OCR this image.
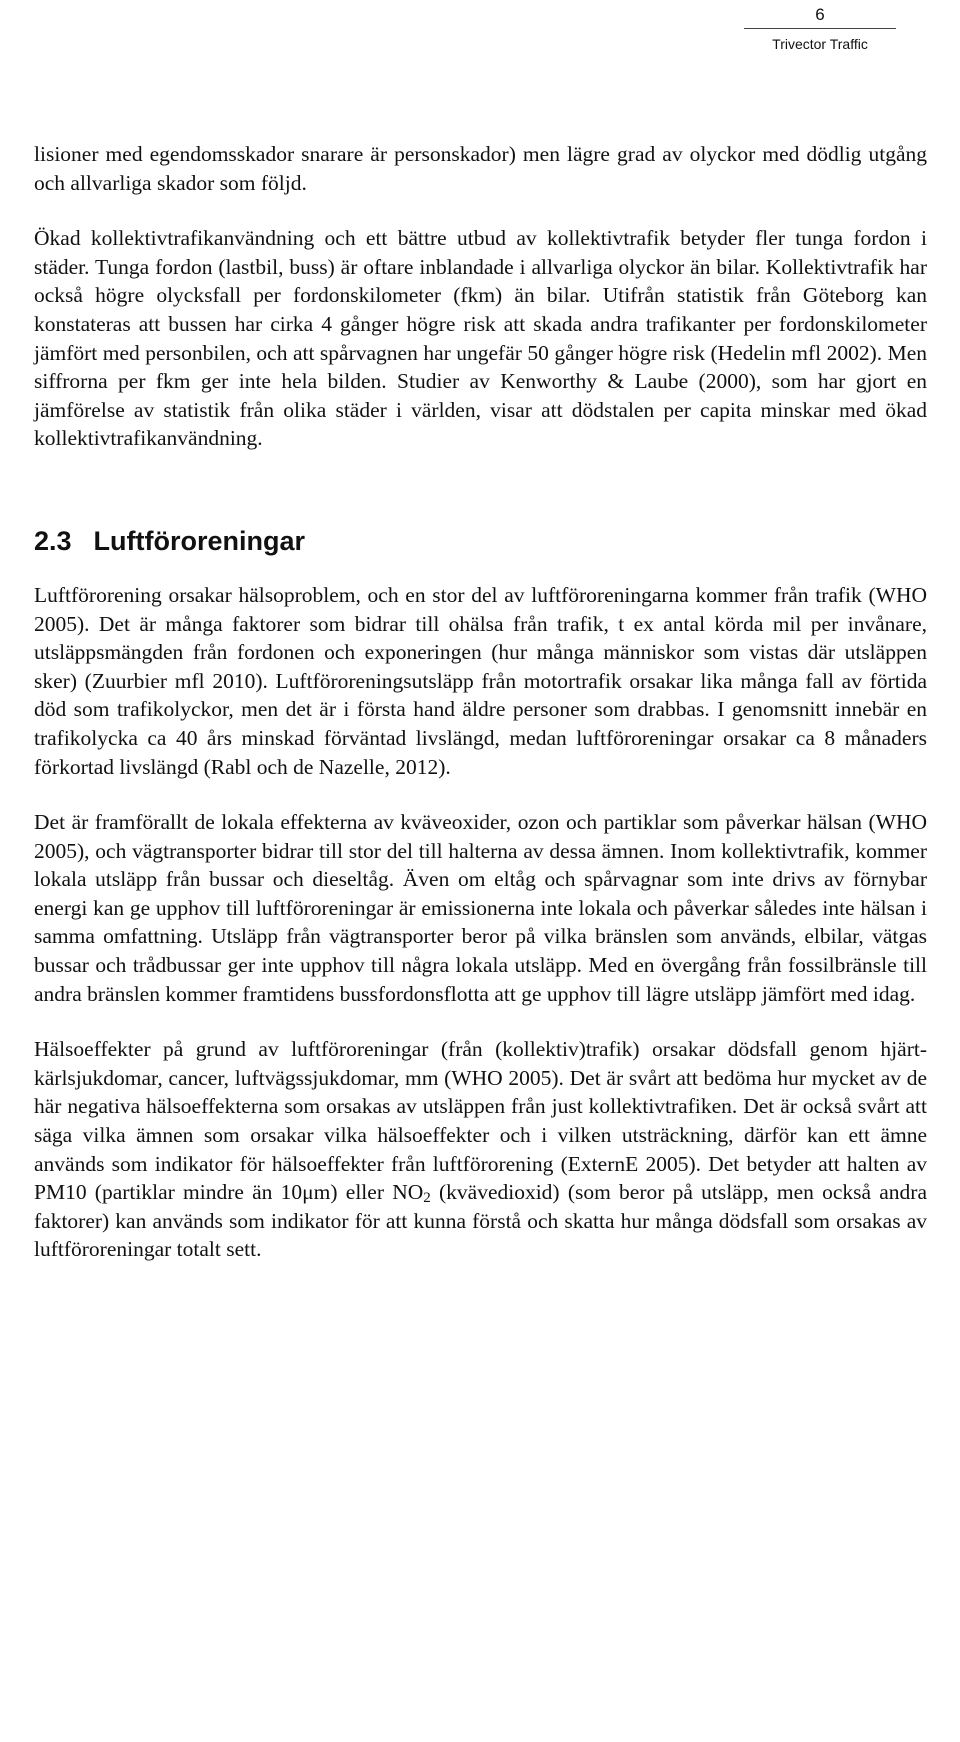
6
Trivector Traffic

lisioner med egendomsskador snarare är personskador) men lägre grad av olyckor med dödlig utgång och allvarliga skador som följd.

Ökad kollektivtrafikanvändning och ett bättre utbud av kollektivtrafik betyder fler tunga fordon i städer. Tunga fordon (lastbil, buss) är oftare inblandade i allvarliga olyckor än bilar. Kollektivtrafik har också högre olycksfall per fordonskilometer (fkm) än bilar. Utifrån statistik från Göteborg kan konstateras att bussen har cirka 4 gånger högre risk att skada andra trafikanter per fordonskilometer jämfört med personbilen, och att spårvagnen har ungefär 50 gånger högre risk (Hedelin mfl 2002). Men siffrorna per fkm ger inte hela bilden. Studier av Kenworthy & Laube (2000), som har gjort en jämförelse av statistik från olika städer i världen, visar att dödstalen per capita minskar med ökad kollektivtrafikanvändning.

2.3 Luftföroreningar

Luftförorening orsakar hälsoproblem, och en stor del av luftföroreningarna kommer från trafik (WHO 2005). Det är många faktorer som bidrar till ohälsa från trafik, t ex antal körda mil per invånare, utsläppsmängden från fordonen och exponeringen (hur många människor som vistas där utsläppen sker) (Zuurbier mfl 2010). Luftföroreningsutsläpp från motortrafik orsakar lika många fall av förtida död som trafikolyckor, men det är i första hand äldre personer som drabbas. I genomsnitt innebär en trafikolycka ca 40 års minskad förväntad livslängd, medan luftföroreningar orsakar ca 8 månaders förkortad livslängd (Rabl och de Nazelle, 2012).

Det är framförallt de lokala effekterna av kväveoxider, ozon och partiklar som påverkar hälsan (WHO 2005), och vägtransporter bidrar till stor del till halterna av dessa ämnen. Inom kollektivtrafik, kommer lokala utsläpp från bussar och dieseltåg. Även om eltåg och spårvagnar som inte drivs av förnybar energi kan ge upphov till luftföroreningar är emissionerna inte lokala och påverkar således inte hälsan i samma omfattning. Utsläpp från vägtransporter beror på vilka bränslen som används, elbilar, vätgas bussar och trådbussar ger inte upphov till några lokala utsläpp. Med en övergång från fossilbränsle till andra bränslen kommer framtidens bussfordonsflotta att ge upphov till lägre utsläpp jämfört med idag.

Hälsoeffekter på grund av luftföroreningar (från (kollektiv)trafik) orsakar dödsfall genom hjärt-kärlsjukdomar, cancer, luftvägssjukdomar, mm (WHO 2005). Det är svårt att bedöma hur mycket av de här negativa hälsoeffekterna som orsakas av utsläppen från just kollektivtrafiken. Det är också svårt att säga vilka ämnen som orsakar vilka hälsoeffekter och i vilken utsträckning, därför kan ett ämne används som indikator för hälsoeffekter från luftförorening (ExternE 2005). Det betyder att halten av PM10 (partiklar mindre än 10μm) eller $NO_2$ (kvävedioxid) (som beror på utsläpp, men också andra faktorer) kan används som indikator för att kunna förstå och skatta hur många dödsfall som orsakas av luftföroreningar totalt sett.
